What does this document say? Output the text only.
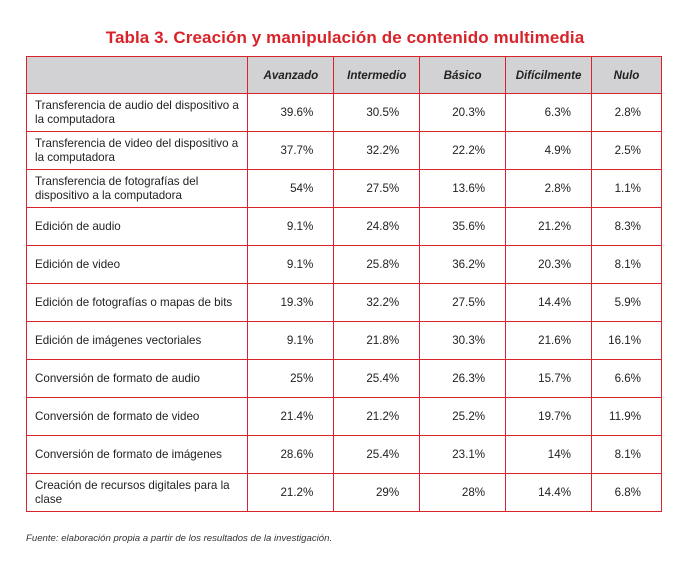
Tabla 3. Creación y manipulación de contenido multimedia
	Avanzado	Intermedio	Básico	Difícilmente	Nulo
Transferencia de audio del dispositivo a la computadora	39.6%	30.5%	20.3%	6.3%	2.8%
Transferencia de video del dispositivo a la computadora	37.7%	32.2%	22.2%	4.9%	2.5%
Transferencia de fotografías del dispositivo a la computadora	54%	27.5%	13.6%	2.8%	1.1%
Edición de audio	9.1%	24.8%	35.6%	21.2%	8.3%
Edición de video	9.1%	25.8%	36.2%	20.3%	8.1%
Edición de fotografías o mapas de bits	19.3%	32.2%	27.5%	14.4%	5.9%
Edición de imágenes vectoriales	9.1%	21.8%	30.3%	21.6%	16.1%
Conversión de formato de audio	25%	25.4%	26.3%	15.7%	6.6%
Conversión de formato de video	21.4%	21.2%	25.2%	19.7%	11.9%
Conversión de formato de imágenes	28.6%	25.4%	23.1%	14%	8.1%
Creación de recursos digitales para la clase	21.2%	29%	28%	14.4%	6.8%
Fuente: elaboración propia a partir de los resultados de la investigación.
